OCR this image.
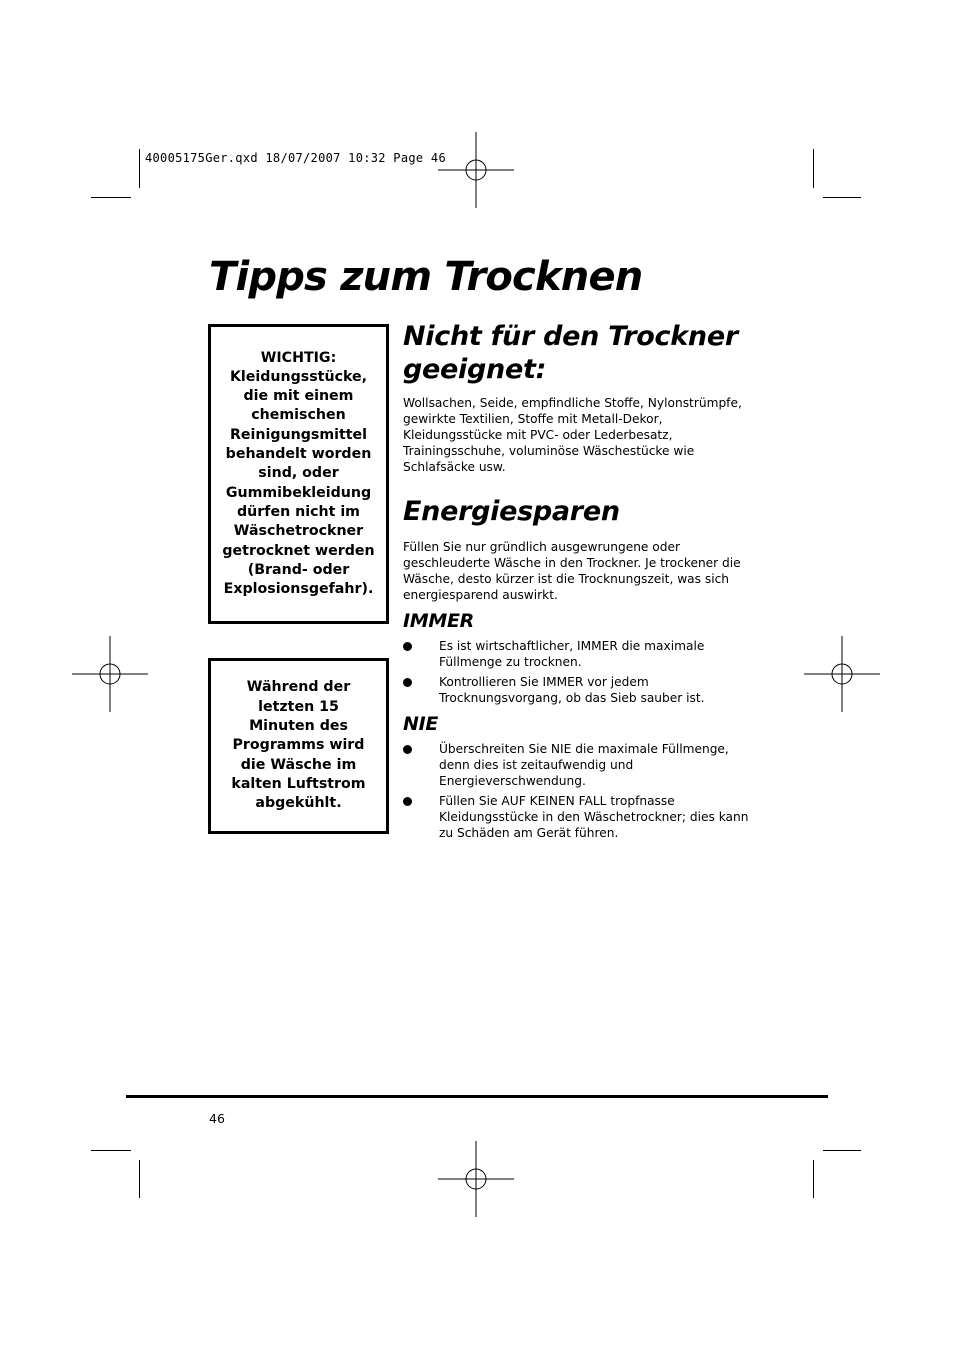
40005175Ger.qxd 18/07/2007 10:32 Page 46
Tipps zum Trocknen
WICHTIG: Kleidungsstücke, die mit einem chemischen Reinigungsmittel behandelt worden sind, oder Gummibekleidung dürfen nicht im Wäschetrockner getrocknet werden (Brand- oder Explosionsgefahr).
Während der letzten 15 Minuten des Programms wird die Wäsche im kalten Luftstrom abgekühlt.
Nicht für den Trockner geeignet:
Wollsachen, Seide, empfindliche Stoffe, Nylonstrümpfe, gewirkte Textilien, Stoffe mit Metall-Dekor, Kleidungsstücke mit PVC- oder Lederbesatz, Trainingsschuhe, voluminöse Wäschestücke wie Schlafsäcke usw.
Energiesparen
Füllen Sie nur gründlich ausgewrungene oder geschleuderte Wäsche in den Trockner. Je trockener die Wäsche, desto kürzer ist die Trocknungszeit, was sich energiesparend auswirkt.
IMMER
Es ist wirtschaftlicher, IMMER die maximale Füllmenge zu trocknen.
Kontrollieren Sie IMMER vor jedem Trocknungsvorgang, ob das Sieb sauber ist.
NIE
Überschreiten Sie NIE die maximale Füllmenge, denn dies ist zeitaufwendig und Energieverschwendung.
Füllen Sie AUF KEINEN FALL tropfnasse Kleidungsstücke in den Wäschetrockner; dies kann zu Schäden am Gerät führen.
46
